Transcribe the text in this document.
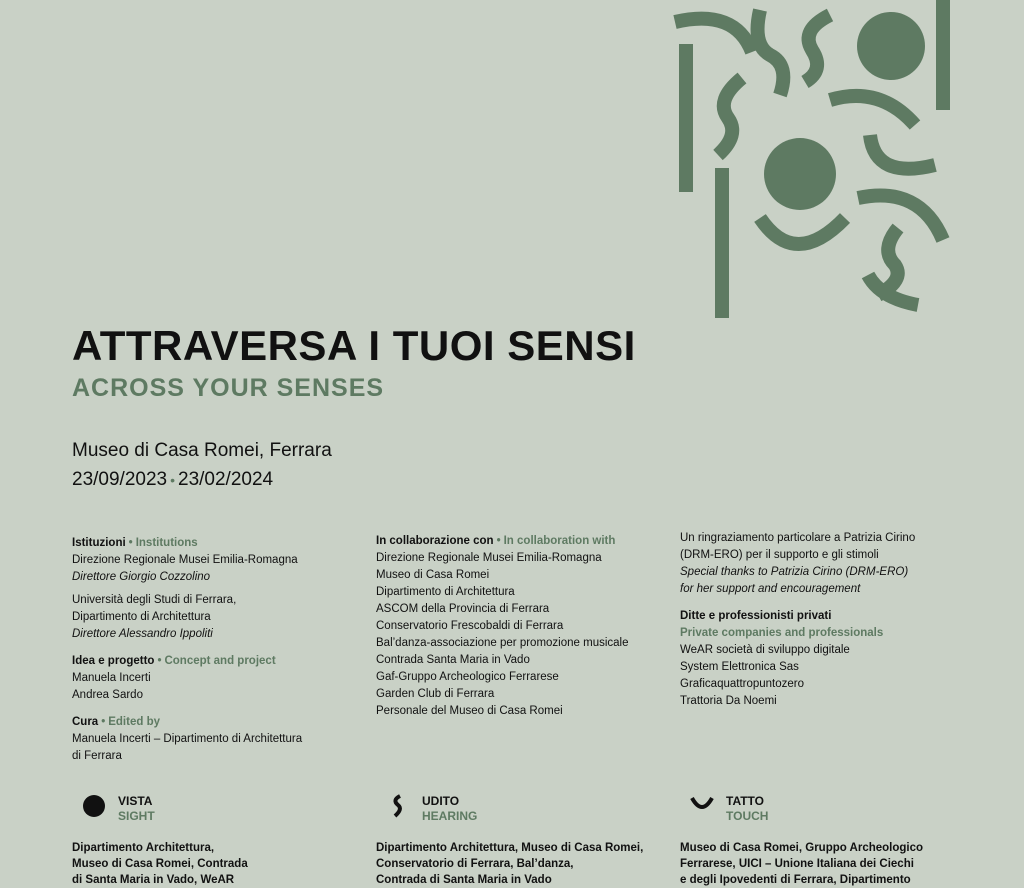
ATTRAVERSA I TUOI SENSI
ACROSS YOUR SENSES
Museo di Casa Romei, Ferrara
23/09/2023 • 23/02/2024
Istituzioni • Institutions
Direzione Regionale Musei Emilia-Romagna
Direttore Giorgio Cozzolino
Università degli Studi di Ferrara,
Dipartimento di Architettura
Direttore Alessandro Ippoliti
Idea e progetto • Concept and project
Manuela Incerti
Andrea Sardo
Cura • Edited by
Manuela Incerti – Dipartimento di Architettura
di Ferrara
In collaborazione con • In collaboration with
Direzione Regionale Musei Emilia-Romagna
Museo di Casa Romei
Dipartimento di Architettura
ASCOM della Provincia di Ferrara
Conservatorio Frescobaldi di Ferrara
Bal’danza-associazione per promozione musicale
Contrada Santa Maria in Vado
Gaf-Gruppo Archeologico Ferrarese
Garden Club di Ferrara
Personale del Museo di Casa Romei
Un ringraziamento particolare a Patrizia Cirino
(DRM-ERO) per il supporto e gli stimoli
Special thanks to Patrizia Cirino (DRM-ERO)
for her support and encouragement
Ditte e professionisti privati
Private companies and professionals
WeAR società di sviluppo digitale
System Elettronica Sas
Graficaquattropuntozero
Trattoria Da Noemi
VISTA
SIGHT
Dipartimento Architettura,
Museo di Casa Romei, Contrada
di Santa Maria in Vado, WeAR
UDITO
HEARING
Dipartimento Architettura, Museo di Casa Romei,
Conservatorio di Ferrara, Bal’danza,
Contrada di Santa Maria in Vado
TATTO
TOUCH
Museo di Casa Romei, Gruppo Archeologico
Ferrarese, UICI – Unione Italiana dei Ciechi
e degli Ipovedenti di Ferrara, Dipartimento
